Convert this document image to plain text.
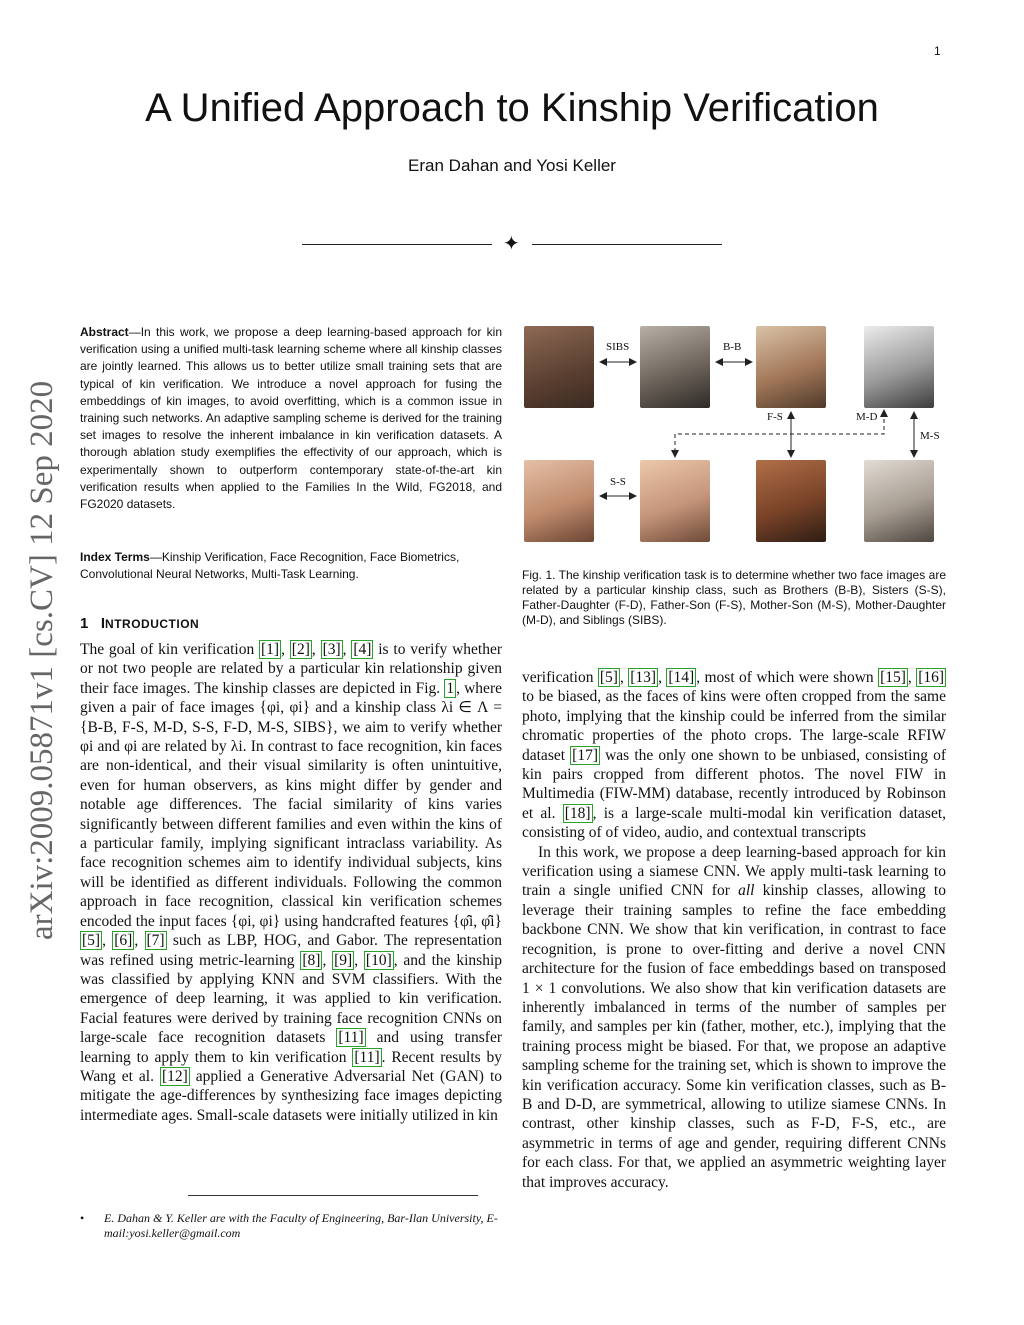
1
A Unified Approach to Kinship Verification
Eran Dahan and Yosi Keller
✦
arXiv:2009.05871v1 [cs.CV] 12 Sep 2020
Abstract—In this work, we propose a deep learning-based approach for kin verification using a unified multi-task learning scheme where all kinship classes are jointly learned. This allows us to better utilize small training sets that are typical of kin verification. We introduce a novel approach for fusing the embeddings of kin images, to avoid overfitting, which is a common issue in training such networks. An adaptive sampling scheme is derived for the training set images to resolve the inherent imbalance in kin verification datasets. A thorough ablation study exemplifies the effectivity of our approach, which is experimentally shown to outperform contemporary state-of-the-art kin verification results when applied to the Families In the Wild, FG2018, and FG2020 datasets.
Index Terms—Kinship Verification, Face Recognition, Face Biometrics, Convolutional Neural Networks, Multi-Task Learning.
1 INTRODUCTION

The goal of kin verification [1] , [2] , [3] , [4] is to verify whether or not two people are related by a particular kin relationship given their face images. The kinship classes are depicted in Fig. 1 , where given a pair of face images {φi, φi} and a kinship class λi ∈ Λ ={B-B, F-S, M-D, S-S, F-D, M-S, SIBS}, we aim to verify whether φi and φi are related by λi. In contrast to face recognition, kin faces are non-identical, and their visual similarity is often unintuitive, even for human observers, as kins might differ by gender and notable age differences. The facial similarity of kins varies significantly between different families and even within the kins of a particular family, implying significant intraclass variability. As face recognition schemes aim to identify individual subjects, kins will be identified as different individuals. Following the common approach in face recognition, classical kin verification schemes encoded the input faces {φi, φi} using handcrafted features {φ̂i, φ̂i} [5] , [6] , [7] such as LBP, HOG, and Gabor. The representation was refined using metric-learning [8] , [9] , [10] , and the kinship was classified by applying KNN and SVM classifiers. With the emergence of deep learning, it was applied to kin verification. Facial features were derived by training face recognition CNNs on large-scale face recognition datasets [11] and using transfer learning to apply them to kin verification [11] . Recent results by Wang et al. [12] applied a Generative Adversarial Net (GAN) to mitigate the age-differences by synthesizing face images depicting intermediate ages. Small-scale datasets were initially utilized in kin

• E. Dahan & Y. Keller are with the Faculty of Engineering, Bar-Ilan University, E-mail:yosi.keller@gmail.com
SIBS	B-B
F-S	M-D
M-S
S-S
Fig. 1. The kinship verification task is to determine whether two face images are related by a particular kinship class, such as Brothers (B-B), Sisters (S-S), Father-Daughter (F-D), Father-Son (F-S), Mother-Son (M-S), Mother-Daughter (M-D), and Siblings (SIBS).

verification [5] , [13] , [14] , most of which were shown [15] , [16] to be biased, as the faces of kins were often cropped from the same photo, implying that the kinship could be inferred from the similar chromatic properties of the photo crops. The large-scale RFIW dataset [17] was the only one shown to be unbiased, consisting of kin pairs cropped from different photos. The novel FIW in Multimedia (FIW-MM) database, recently introduced by Robinson et al. [18] , is a large-scale multi-modal kin verification dataset, consisting of of video, audio, and contextual transcripts

In this work, we propose a deep learning-based approach for kin verification using a siamese CNN. We apply multi-task learning to train a single unified CNN for all kinship classes, allowing to leverage their training samples to refine the face embedding backbone CNN. We show that kin verification, in contrast to face recognition, is prone to over-fitting and derive a novel CNN architecture for the fusion of face embeddings based on transposed 1 × 1 convolutions. We also show that kin verification datasets are inherently imbalanced in terms of the number of samples per family, and samples per kin (father, mother, etc.), implying that the training process might be biased. For that, we propose an adaptive sampling scheme for the training set, which is shown to improve the kin verification accuracy. Some kin verification classes, such as B-B and D-D, are symmetrical, allowing to utilize siamese CNNs. In contrast, other kinship classes, such as F-D, F-S, etc., are asymmetric in terms of age and gender, requiring different CNNs for each class. For that, we applied an asymmetric weighting layer that improves accuracy.
